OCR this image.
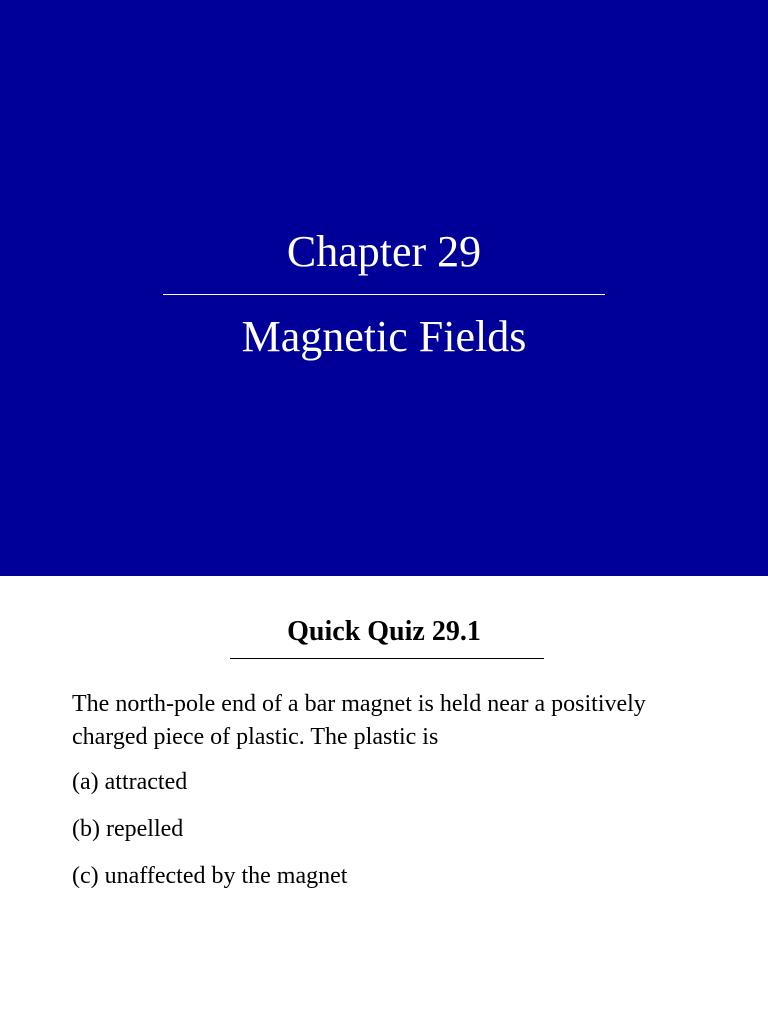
Chapter 29
Magnetic Fields
Quick Quiz 29.1

The north-pole end of a bar magnet is held near a positively charged piece of plastic. The plastic is

(a) attracted

(b) repelled

(c) unaffected by the magnet
